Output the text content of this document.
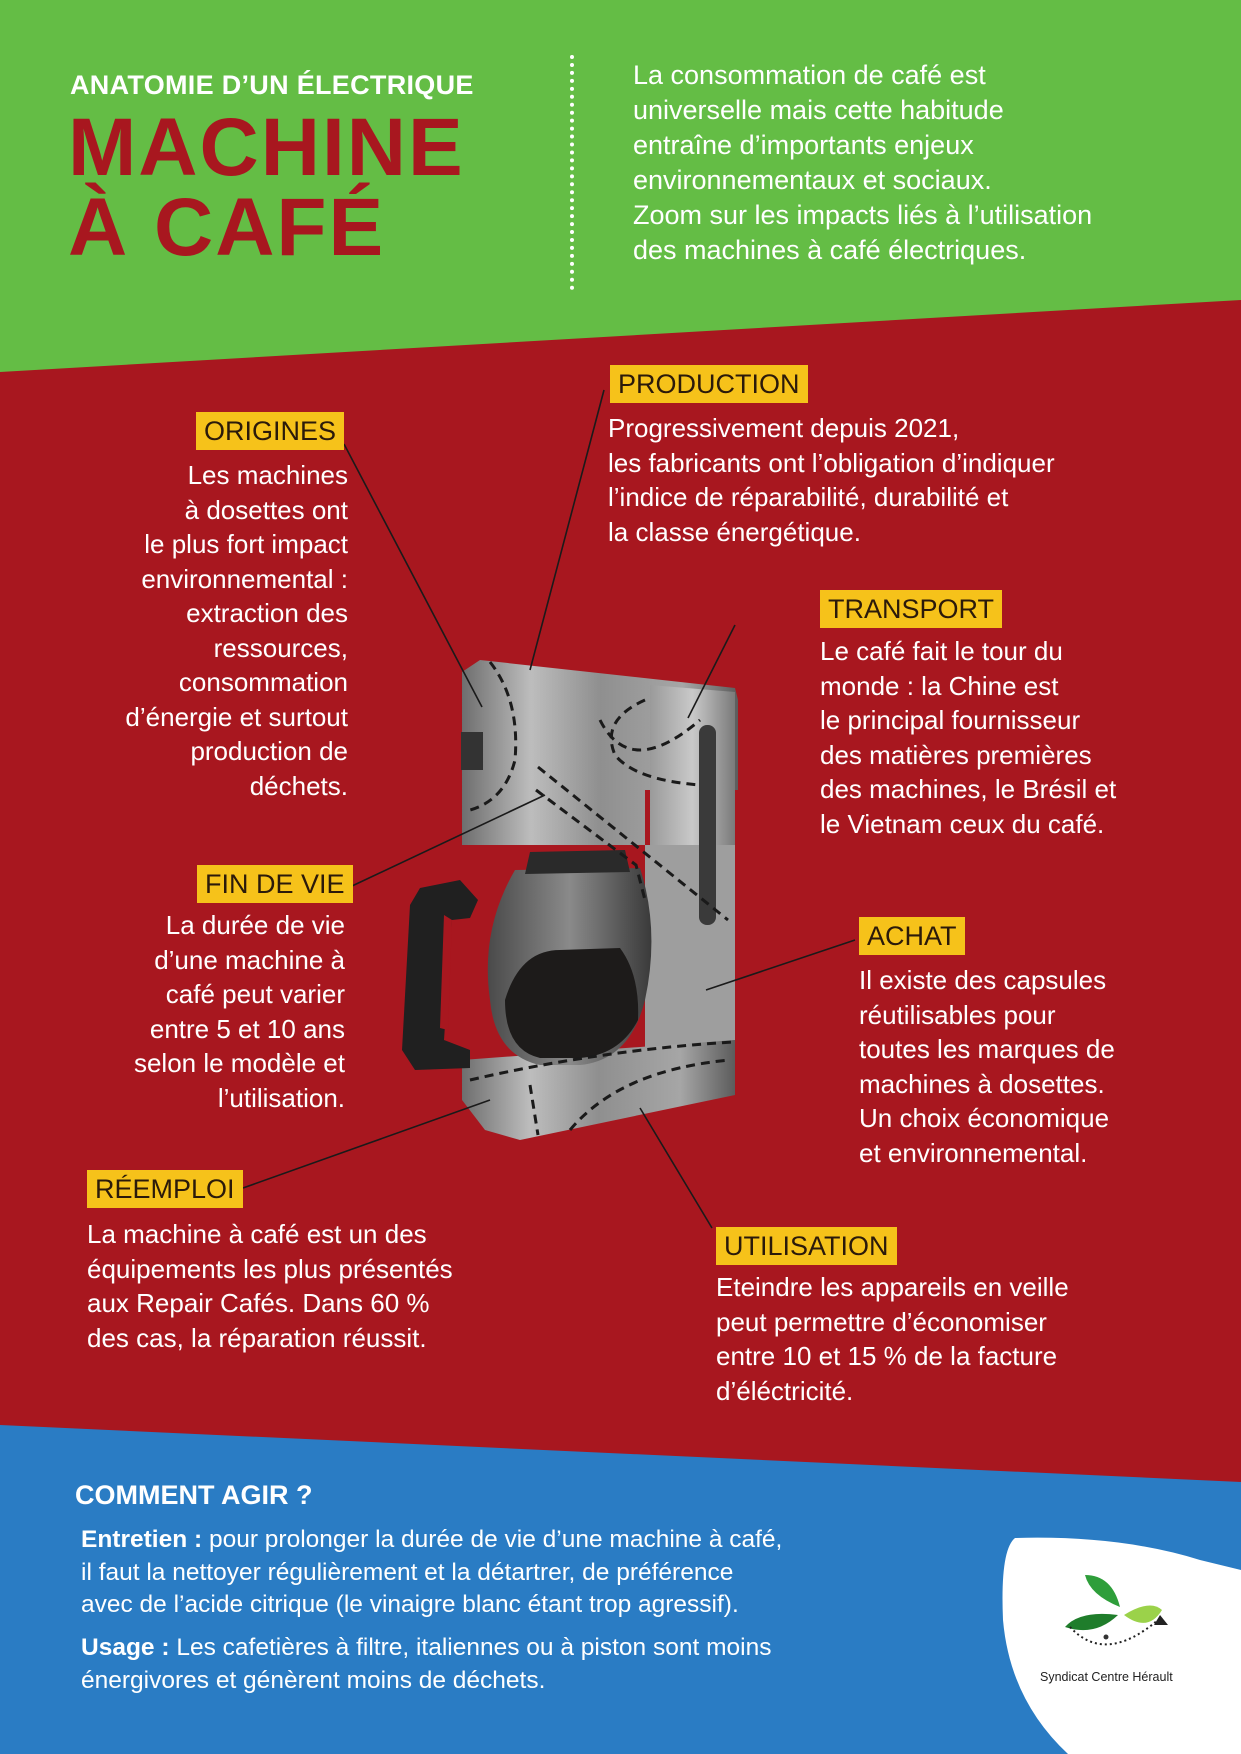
ANATOMIE D’UN ÉLECTRIQUE
MACHINE
À CAFÉ
La consommation de café est
universelle mais cette habitude
entraîne d’importants enjeux
environnementaux et sociaux.
Zoom sur les impacts liés à l’utilisation
des machines à café électriques.
ORIGINES
Les machines
à dosettes ont
le plus fort impact
environnemental :
extraction des
ressources,
consommation
d’énergie et surtout
production de
déchets.
PRODUCTION
Progressivement depuis 2021,
les fabricants ont l’obligation d’indiquer
l’indice de réparabilité, durabilité et
la classe énergétique.
TRANSPORT
Le café fait le tour du
monde : la Chine est
le principal fournisseur
des matières premières
des machines, le Brésil et
le Vietnam ceux du café.
FIN DE VIE
La durée de vie
d’une machine à
café peut varier
entre 5 et 10 ans
selon le modèle et
l’utilisation.
ACHAT
Il existe des capsules
réutilisables pour
toutes les marques de
machines à dosettes.
Un choix économique
et environnemental.
RÉEMPLOI
La machine à café est un des
équipements les plus présentés
aux Repair Cafés. Dans 60 %
des cas, la réparation réussit.
UTILISATION
Eteindre les appareils en veille
peut permettre d’économiser
entre 10 et 15 % de la facture
d’éléctricité.
COMMENT AGIR ?
Entretien : pour prolonger la durée de vie d’une machine à café,
il faut la nettoyer régulièrement et la détartrer, de préférence
avec de l’acide citrique (le vinaigre blanc étant trop agressif).
Usage : Les cafetières à filtre, italiennes ou à piston sont moins
énergivores et génèrent moins de déchets.	Syndicat Centre Hérault
